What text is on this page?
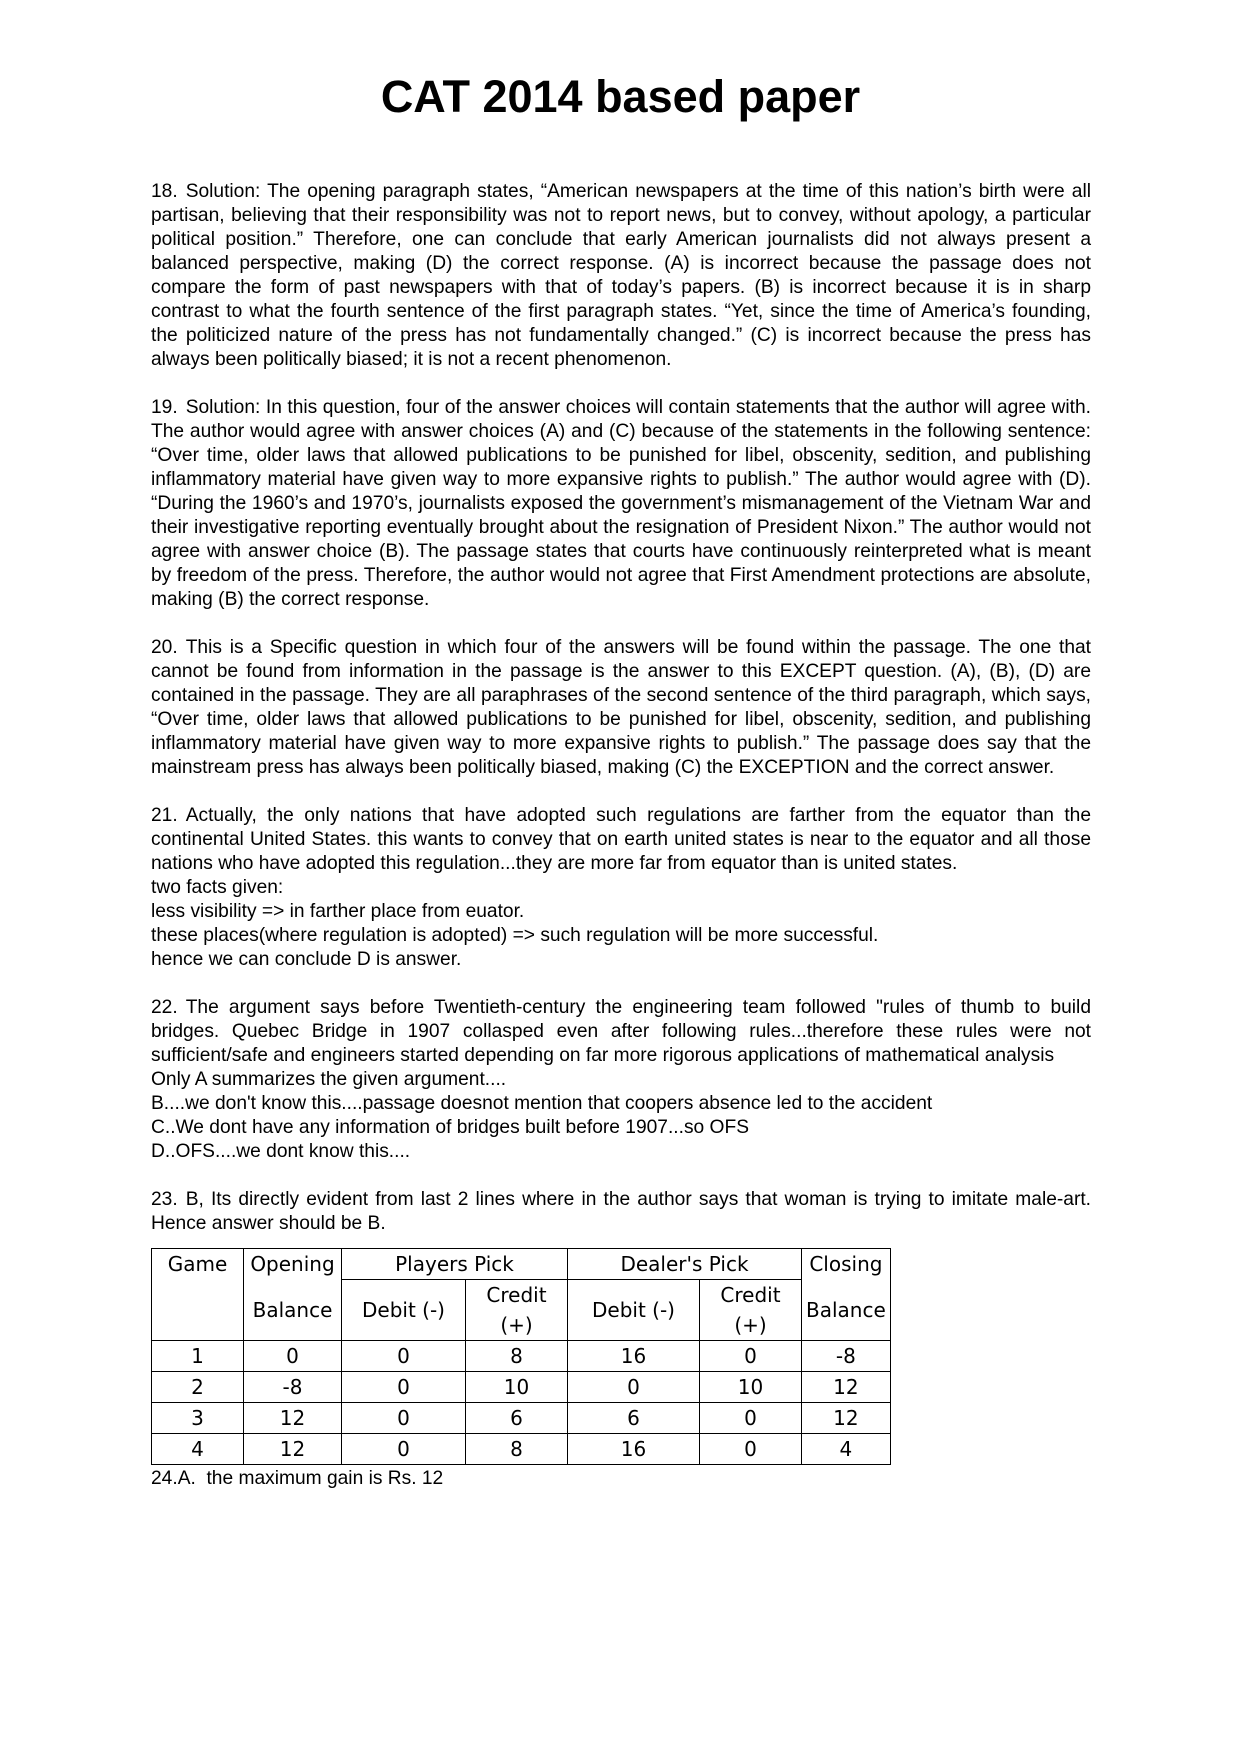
CAT 2014 based paper

18. Solution: The opening paragraph states, “American newspapers at the time of this nation’s birth were all partisan, believing that their responsibility was not to report news, but to convey, without apology, a particular political position.” Therefore, one can conclude that early American journalists did not always present a balanced perspective, making (D) the correct response. (A) is incorrect because the passage does not compare the form of past newspapers with that of today’s papers. (B) is incorrect because it is in sharp contrast to what the fourth sentence of the first paragraph states. “Yet, since the time of America’s founding, the politicized nature of the press has not fundamentally changed.” (C) is incorrect because the press has always been politically biased; it is not a recent phenomenon.

19. Solution: In this question, four of the answer choices will contain statements that the author will agree with. The author would agree with answer choices (A) and (C) because of the statements in the following sentence: “Over time, older laws that allowed publications to be punished for libel, obscenity, sedition, and publishing inflammatory material have given way to more expansive rights to publish.” The author would agree with (D). “During the 1960’s and 1970’s, journalists exposed the government’s mismanagement of the Vietnam War and their investigative reporting eventually brought about the resignation of President Nixon.” The author would not agree with answer choice (B). The passage states that courts have continuously reinterpreted what is meant by freedom of the press. Therefore, the author would not agree that First Amendment protections are absolute, making (B) the correct response.

20. This is a Specific question in which four of the answers will be found within the passage. The one that cannot be found from information in the passage is the answer to this EXCEPT question. (A), (B), (D) are contained in the passage. They are all paraphrases of the second sentence of the third paragraph, which says, “Over time, older laws that allowed publications to be punished for libel, obscenity, sedition, and publishing inflammatory material have given way to more expansive rights to publish.” The passage does say that the mainstream press has always been politically biased, making (C) the EXCEPTION and the correct answer.

21. Actually, the only nations that have adopted such regulations are farther from the equator than the continental United States. this wants to convey that on earth united states is near to the equator and all those nations who have adopted this regulation...they are more far from equator than is united states.
two facts given:
less visibility => in farther place from euator.
these places(where regulation is adopted) => such regulation will be more successful.
hence we can conclude D is answer.
22. The argument says before Twentieth-century the engineering team followed "rules of thumb to build bridges. Quebec Bridge in 1907 collasped even after following rules...therefore these rules were not sufficient/safe and engineers started depending on far more rigorous applications of mathematical analysis
Only A summarizes the given argument....
B....we don't know this....passage doesnot mention that coopers absence led to the accident
C..We dont have any information of bridges built before 1907...so OFS
D..OFS....we dont know this....

23. B, Its directly evident from last 2 lines where in the author says that woman is trying to imitate male-art. Hence answer should be B.

Game	Opening	Players Pick		Dealer's Pick		Closing
	Balance	Debit (-)	Credit (+)	Debit (-)	Credit (+)	Balance
1	0	0	8	16	0	-8
2	-8	0	10	0	10	12
3	12	0	6	6	0	12
4	12	0	8	16	0	4

24.A.  the maximum gain is Rs. 12
